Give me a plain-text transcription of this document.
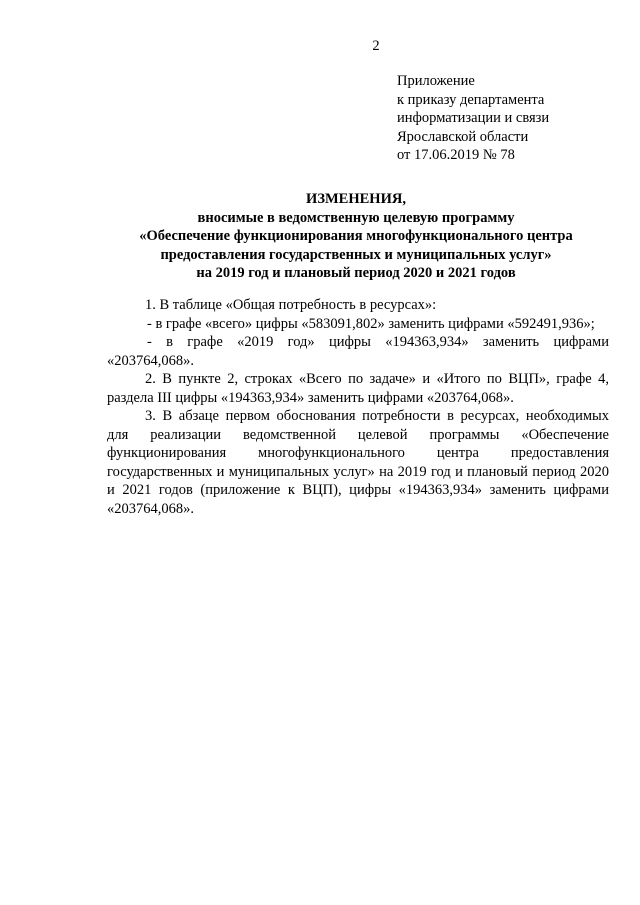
2
Приложение
к приказу департамента
информатизации и связи
Ярославской области
от 17.06.2019 № 78
ИЗМЕНЕНИЯ,
вносимые в ведомственную целевую программу
«Обеспечение функционирования многофункционального центра
предоставления государственных и муниципальных услуг»
на 2019 год и плановый период 2020 и 2021 годов

1. В таблице «Общая потребность в ресурсах»:

- в графе «всего» цифры «583091,802» заменить цифрами «592491,936»;

- в графе «2019 год» цифры «194363,934» заменить цифрами «203764,068».

2. В пункте 2, строках «Всего по задаче» и «Итого по ВЦП», графе 4, раздела III цифры «194363,934» заменить цифрами «203764,068».

3. В абзаце первом обоснования потребности в ресурсах, необходимых для реализации ведомственной целевой программы «Обеспечение функционирования многофункционального центра предоставления государственных и муниципальных услуг» на 2019 год и плановый период 2020 и 2021 годов (приложение к ВЦП), цифры «194363,934» заменить цифрами «203764,068».
